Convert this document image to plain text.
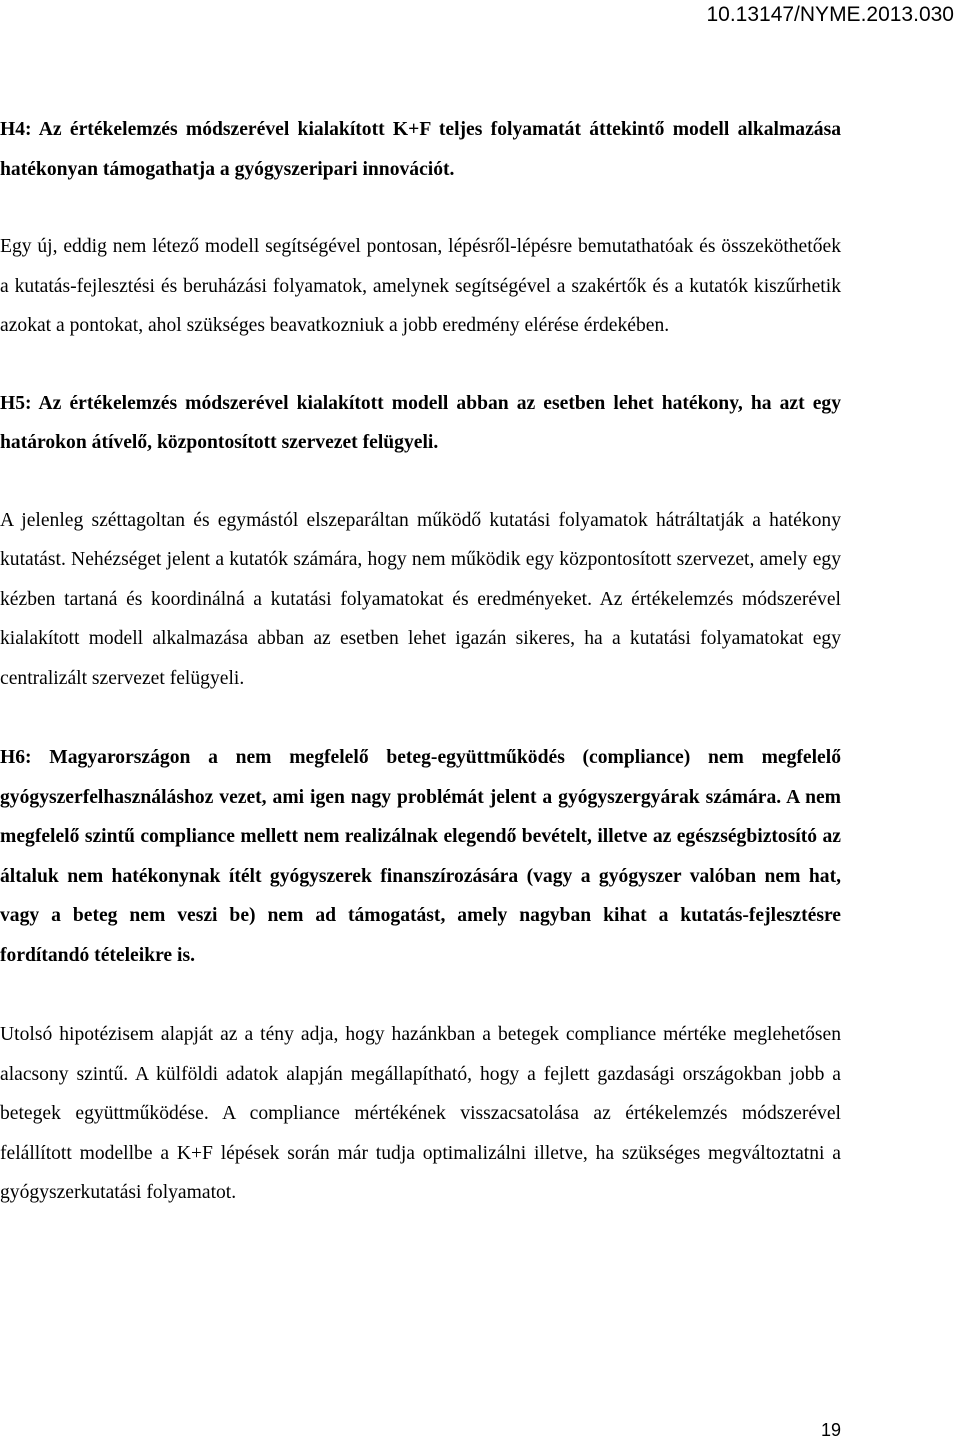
10.13147/NYME.2013.030

H4: Az értékelemzés módszerével kialakított K+F teljes folyamatát áttekintő modell alkalmazása hatékonyan támogathatja a gyógyszeripari innovációt.

Egy új, eddig nem létező modell segítségével pontosan, lépésről-lépésre bemutathatóak és összeköthetőek a kutatás-fejlesztési és beruházási folyamatok, amelynek segítségével a szakértők és a kutatók kiszűrhetik azokat a pontokat, ahol szükséges beavatkozniuk a jobb eredmény elérése érdekében.

H5: Az értékelemzés módszerével kialakított modell abban az esetben lehet hatékony, ha azt egy határokon átívelő, központosított szervezet felügyeli.

A jelenleg széttagoltan és egymástól elszeparáltan működő kutatási folyamatok hátráltatják a hatékony kutatást. Nehézséget jelent a kutatók számára, hogy nem működik egy központosított szervezet, amely egy kézben tartaná és koordinálná a kutatási folyamatokat és eredményeket. Az értékelemzés módszerével kialakított modell alkalmazása abban az esetben lehet igazán sikeres, ha a kutatási folyamatokat egy centralizált szervezet felügyeli.

H6: Magyarországon a nem megfelelő beteg-együttműködés (compliance) nem megfelelő gyógyszerfelhasználáshoz vezet, ami igen nagy problémát jelent a gyógyszergyárak számára. A nem megfelelő szintű compliance mellett nem realizálnak elegendő bevételt, illetve az egészségbiztosító az általuk nem hatékonynak ítélt gyógyszerek finanszírozására (vagy a gyógyszer valóban nem hat, vagy a beteg nem veszi be) nem ad támogatást, amely nagyban kihat a kutatás-fejlesztésre fordítandó tételeikre is.

Utolsó hipotézisem alapját az a tény adja, hogy hazánkban a betegek compliance mértéke meglehetősen alacsony szintű. A külföldi adatok alapján megállapítható, hogy a fejlett gazdasági országokban jobb a betegek együttműködése. A compliance mértékének visszacsatolása az értékelemzés módszerével felállított modellbe a K+F lépések során már tudja optimalizálni illetve, ha szükséges megváltoztatni a gyógyszerkutatási folyamatot.

19
